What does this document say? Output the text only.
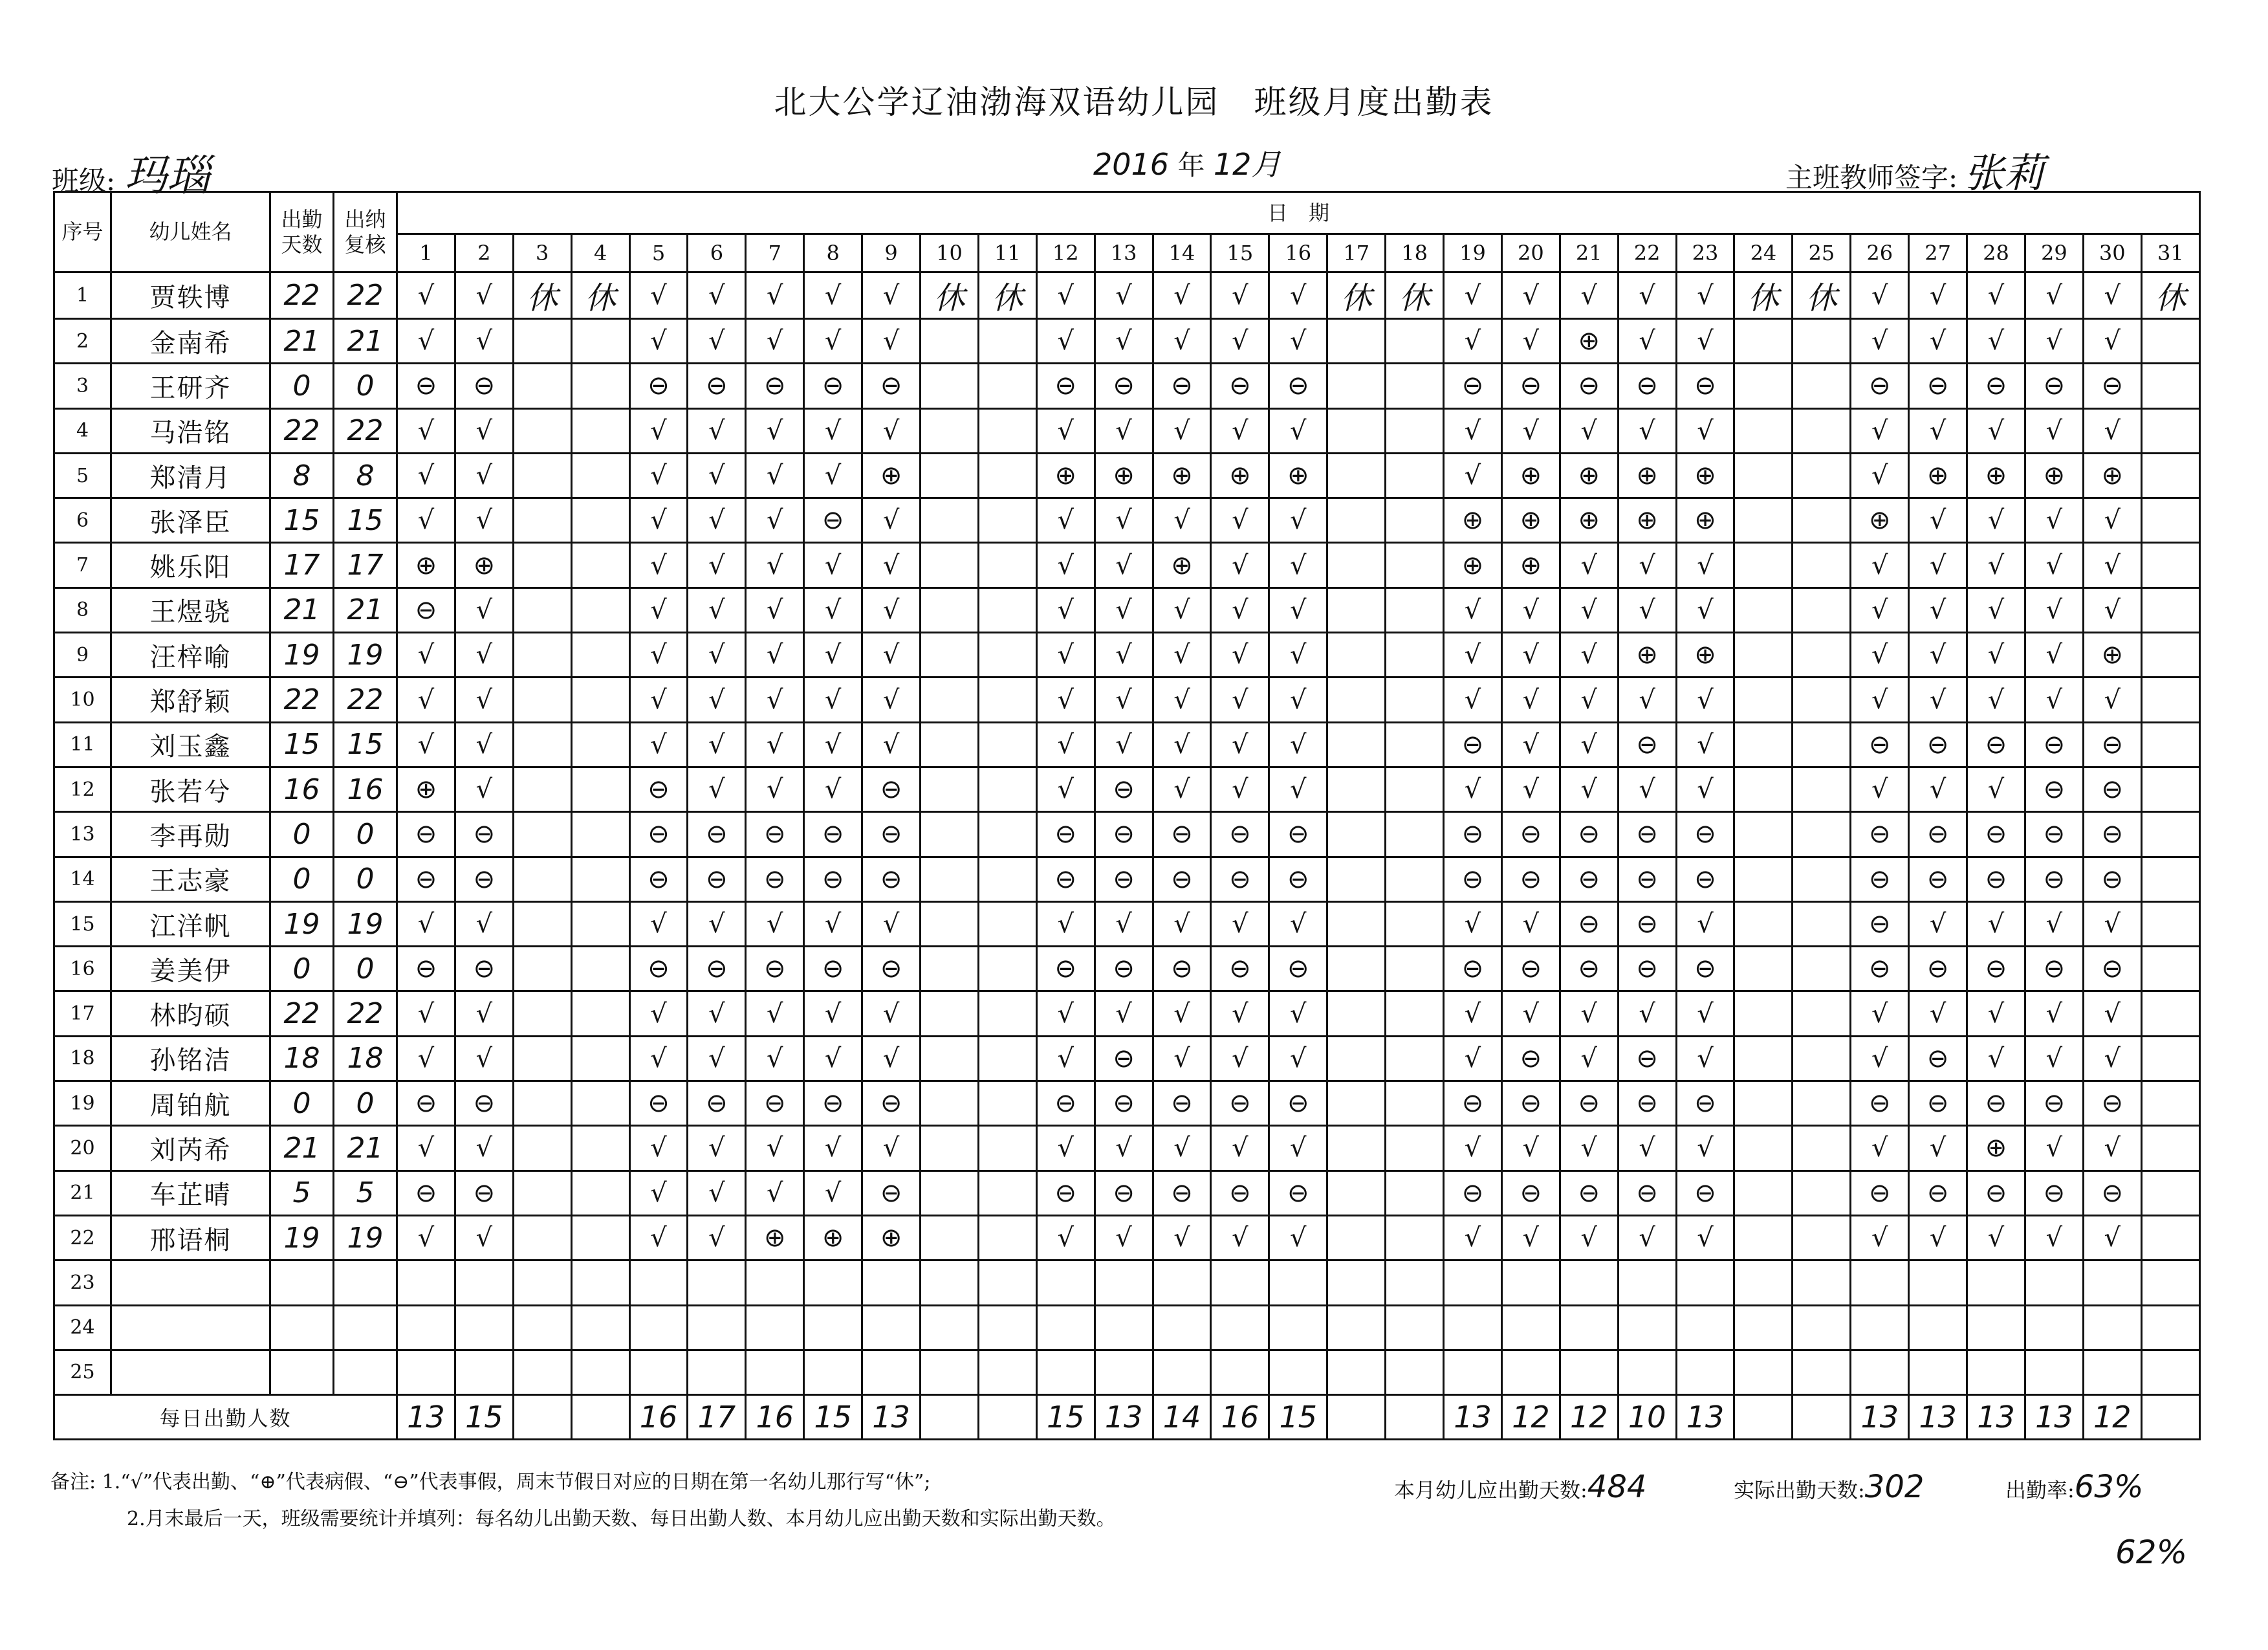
北大公学辽油渤海双语幼儿园　班级月度出勤表
班级: 玛瑙	2016 年 12月	主班教师签字: 张莉
序号	幼儿姓名	出勤天数	出纳复核	日　期																														
				1	2	3	4	5	6	7	8	9	10	11	12	13	14	15	16	17	18	19	20	21	22	23	24	25	26	27	28	29	30	31
1	贾轶博	22	22	√	√	休	休	√	√	√	√	√	休	休	√	√	√	√	√	休	休	√	√	√	√	√	休	休	√	√	√	√	√	休
2	金南希	21	21	√	√			√	√	√	√	√			√	√	√	√	√			√	√	⊕	√	√			√	√	√	√	√	
3	王研齐	0	0	⊖	⊖			⊖	⊖	⊖	⊖	⊖			⊖	⊖	⊖	⊖	⊖			⊖	⊖	⊖	⊖	⊖			⊖	⊖	⊖	⊖	⊖	
4	马浩铭	22	22	√	√			√	√	√	√	√			√	√	√	√	√			√	√	√	√	√			√	√	√	√	√	
5	郑清月	8	8	√	√			√	√	√	√	⊕			⊕	⊕	⊕	⊕	⊕			√	⊕	⊕	⊕	⊕			√	⊕	⊕	⊕	⊕	
6	张泽臣	15	15	√	√			√	√	√	⊖	√			√	√	√	√	√			⊕	⊕	⊕	⊕	⊕			⊕	√	√	√	√	
7	姚乐阳	17	17	⊕	⊕			√	√	√	√	√			√	√	⊕	√	√			⊕	⊕	√	√	√			√	√	√	√	√	
8	王煜骁	21	21	⊖	√			√	√	√	√	√			√	√	√	√	√			√	√	√	√	√			√	√	√	√	√	
9	汪梓喻	19	19	√	√			√	√	√	√	√			√	√	√	√	√			√	√	√	⊕	⊕			√	√	√	√	⊕	
10	郑舒颖	22	22	√	√			√	√	√	√	√			√	√	√	√	√			√	√	√	√	√			√	√	√	√	√	
11	刘玉鑫	15	15	√	√			√	√	√	√	√			√	√	√	√	√			⊖	√	√	⊖	√			⊖	⊖	⊖	⊖	⊖	
12	张若兮	16	16	⊕	√			⊖	√	√	√	⊖			√	⊖	√	√	√			√	√	√	√	√			√	√	√	⊖	⊖	
13	李再勋	0	0	⊖	⊖			⊖	⊖	⊖	⊖	⊖			⊖	⊖	⊖	⊖	⊖			⊖	⊖	⊖	⊖	⊖			⊖	⊖	⊖	⊖	⊖	
14	王志豪	0	0	⊖	⊖			⊖	⊖	⊖	⊖	⊖			⊖	⊖	⊖	⊖	⊖			⊖	⊖	⊖	⊖	⊖			⊖	⊖	⊖	⊖	⊖	
15	江洋帆	19	19	√	√			√	√	√	√	√			√	√	√	√	√			√	√	⊖	⊖	√			⊖	√	√	√	√	
16	姜美伊	0	0	⊖	⊖			⊖	⊖	⊖	⊖	⊖			⊖	⊖	⊖	⊖	⊖			⊖	⊖	⊖	⊖	⊖			⊖	⊖	⊖	⊖	⊖	
17	林昀硕	22	22	√	√			√	√	√	√	√			√	√	√	√	√			√	√	√	√	√			√	√	√	√	√	
18	孙铭洁	18	18	√	√			√	√	√	√	√			√	⊖	√	√	√			√	⊖	√	⊖	√			√	⊖	√	√	√	
19	周铂航	0	0	⊖	⊖			⊖	⊖	⊖	⊖	⊖			⊖	⊖	⊖	⊖	⊖			⊖	⊖	⊖	⊖	⊖			⊖	⊖	⊖	⊖	⊖	
20	刘芮希	21	21	√	√			√	√	√	√	√			√	√	√	√	√			√	√	√	√	√			√	√	⊕	√	√	
21	车芷晴	5	5	⊖	⊖			√	√	√	√	⊖			⊖	⊖	⊖	⊖	⊖			⊖	⊖	⊖	⊖	⊖			⊖	⊖	⊖	⊖	⊖	
22	邢语桐	19	19	√	√			√	√	⊕	⊕	⊕			√	√	√	√	√			√	√	√	√	√			√	√	√	√	√	
23																																		
24																																		
25																																		
每日出勤人数				13	15			16	17	16	15	13			15	13	14	16	15			13	12	12	10	13			13	13	13	13	12	
备注: 1.“√”代表出勤、“⊕”代表病假、“⊖”代表事假，周末节假日对应的日期在第一名幼儿那行写“休”;
2.月末最后一天，班级需要统计并填列：每名幼儿出勤天数、每日出勤人数、本月幼儿应出勤天数和实际出勤天数。
本月幼儿应出勤天数:484	实际出勤天数:302	出勤率:63%
62%
